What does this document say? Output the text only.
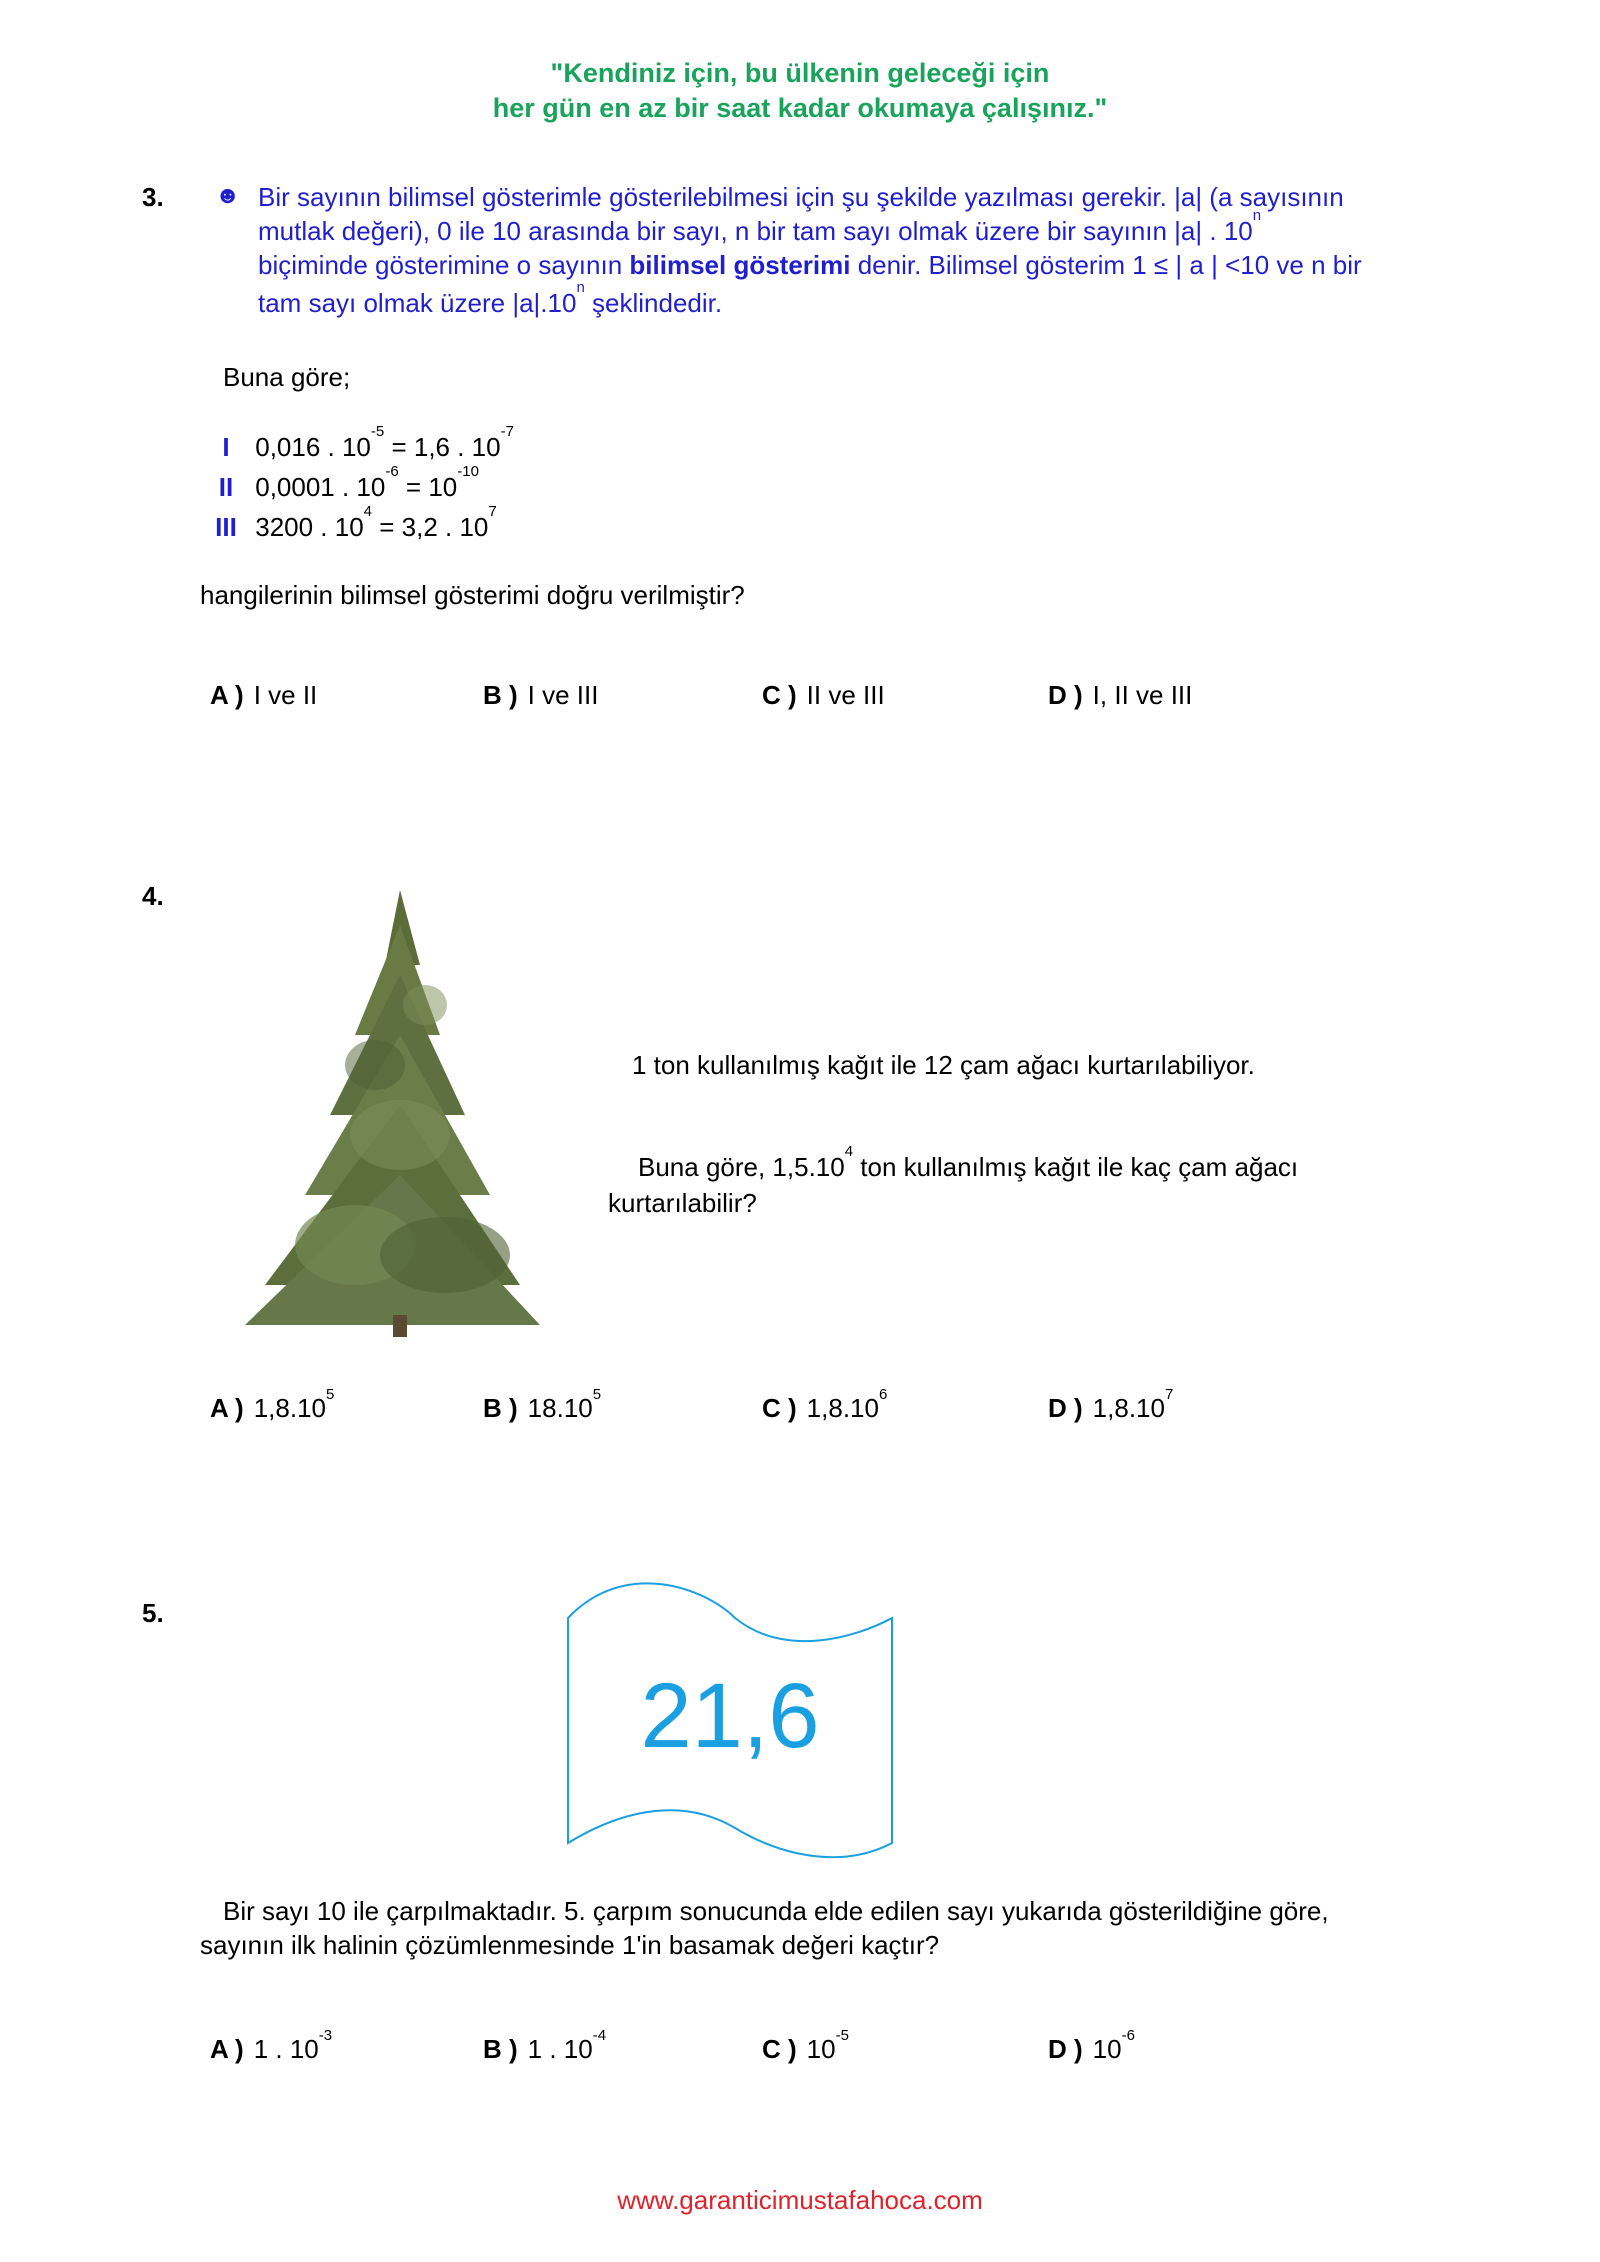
"Kendiniz için, bu ülkenin geleceği için
her gün en az bir saat kadar okumaya çalışınız."
3. ☻ Bir sayının bilimsel gösterimle gösterilebilmesi için şu şekilde yazılması gerekir. |a| (a sayısının
mutlak değeri), 0 ile 10 arasında bir sayı, n bir tam sayı olmak üzere bir sayının |a| . 10$^n$
biçiminde gösterimine o sayının bilimsel gösterimi denir. Bilimsel gösterim 1 ≤ | a | <10 ve n bir
tam sayı olmak üzere |a|.10$^n$ şeklindedir.
Buna göre;
I 0,016 . $10^{-5} = 1,6$ . $10^{-7}$
II 0,0001 . $10^{-6} = 10^{-10}$
III 3200 . $10^4 = 3,2$ . $10^7$
hangilerinin bilimsel gösterimi doğru verilmiştir?
A ) I ve II	B ) I ve III	C ) II ve III	D ) I, II ve III
4.
1 ton kullanılmış kağıt ile 12 çam ağacı kurtarılabiliyor.
Buna göre, 1,5.10$^4$ ton kullanılmış kağıt ile kaç çam ağacı
kurtarılabilir?
A ) 1,8.10$^5$	B ) 18.10$^5$	C ) 1,8.10$^6$	D ) 1,8.10$^7$
5.
21,6
Bir sayı 10 ile çarpılmaktadır. 5. çarpım sonucunda elde edilen sayı yukarıda gösterildiğine göre,
sayının ilk halinin çözümlenmesinde 1'in basamak değeri kaçtır?
A ) 1 . $10^{-3}$	B ) 1 . $10^{-4}$	C ) $10^{-5}$	D ) $10^{-6}$
www.garanticimustafahoca.com
